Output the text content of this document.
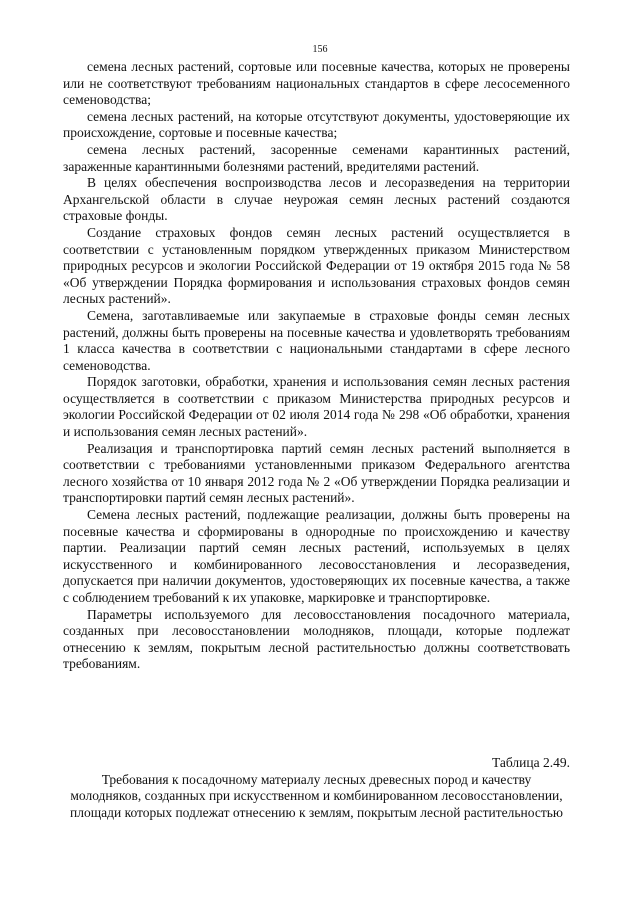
156

семена лесных растений, сортовые или посевные качества, которых не проверены или не соответствуют требованиям национальных стандартов в сфере лесосеменного семеноводства;

семена лесных растений, на которые отсутствуют документы, удостоверяющие их происхождение, сортовые и посевные качества;

семена лесных растений, засоренные семенами карантинных растений, зараженные карантинными болезнями растений, вредителями растений.

В целях обеспечения воспроизводства лесов и лесоразведения на территории Архангельской области в случае неурожая семян лесных растений создаются страховые фонды.

Создание страховых фондов семян лесных растений осуществляется в соответствии с установленным порядком утвержденных приказом Министерством природных ресурсов и экологии Российской Федерации от 19 октября 2015 года № 58 «Об утверждении Порядка формирования и использования страховых фондов семян лесных растений».

Семена, заготавливаемые или закупаемые в страховые фонды семян лесных растений, должны быть проверены на посевные качества и удовлетворять требованиям 1 класса качества в соответствии с национальными стандартами в сфере лесного семеноводства.

Порядок заготовки, обработки, хранения и использования семян лесных растения осуществляется в соответствии с приказом Министерства природных ресурсов и экологии Российской Федерации от 02 июля 2014 года № 298 «Об обработки, хранения и использования семян лесных растений».

Реализация и транспортировка партий семян лесных растений выполняется в соответствии с требованиями установленными приказом Федерального агентства лесного хозяйства от 10 января 2012 года № 2 «Об утверждении Порядка реализации и транспортировки партий семян лесных растений».

Семена лесных растений, подлежащие реализации, должны быть проверены на посевные качества и сформированы в однородные по происхождению и качеству партии. Реализации партий семян лесных растений, используемых в целях искусственного и комбинированного лесовосстановления и лесоразведения, допускается при наличии документов, удостоверяющих их посевные качества, а также с соблюдением требований к их упаковке, маркировке и транспортировке.

Параметры используемого для лесовосстановления посадочного материала, созданных при лесовосстановлении молодняков, площади, которые подлежат отнесению к землям, покрытым лесной растительностью должны соответствовать требованиям.

Таблица 2.49.

Требования к посадочному материалу лесных древесных пород и качеству молодняков, созданных при искусственном и комбинированном лесовосстановлении, площади которых подлежат отнесению к землям, покрытым лесной растительностью
